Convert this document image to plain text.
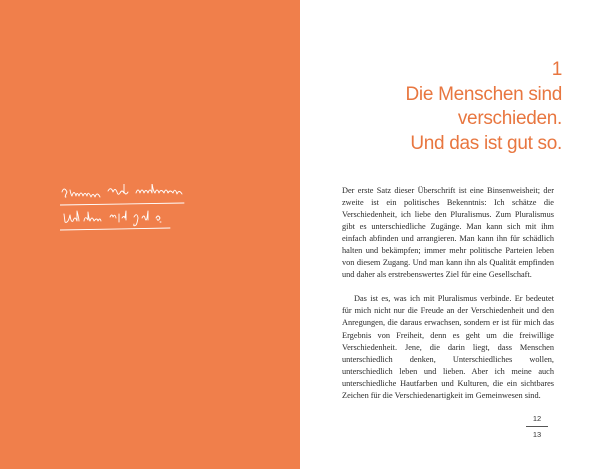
1
Die Menschen sind
verschieden.
Und das ist gut so.

Der erste Satz dieser Überschrift ist eine Binsenweisheit; der zweite ist ein politisches Bekenntnis: Ich schätze die Verschiedenheit, ich liebe den Pluralismus. Zum Pluralismus gibt es unterschiedliche Zugänge. Man kann sich mit ihm einfach abfinden und arrangieren. Man kann ihn für schädlich halten und bekämpfen; immer mehr politische Parteien leben von diesem Zugang. Und man kann ihn als Qualität empfinden und daher als erstrebenswertes Ziel für eine Gesellschaft.

Das ist es, was ich mit Pluralismus verbinde. Er bedeutet für mich nicht nur die Freude an der Verschiedenheit und den Anregungen, die daraus erwachsen, sondern er ist für mich das Ergebnis von Freiheit, denn es geht um die freiwillige Verschiedenheit. Jene, die darin liegt, dass Menschen unterschiedlich denken, Unterschiedliches wollen, unterschiedlich leben und lieben. Aber ich meine auch unterschiedliche Hautfarben und Kulturen, die ein sichtbares Zeichen für die Verschiedenartigkeit im Gemeinwesen sind.

12
13
